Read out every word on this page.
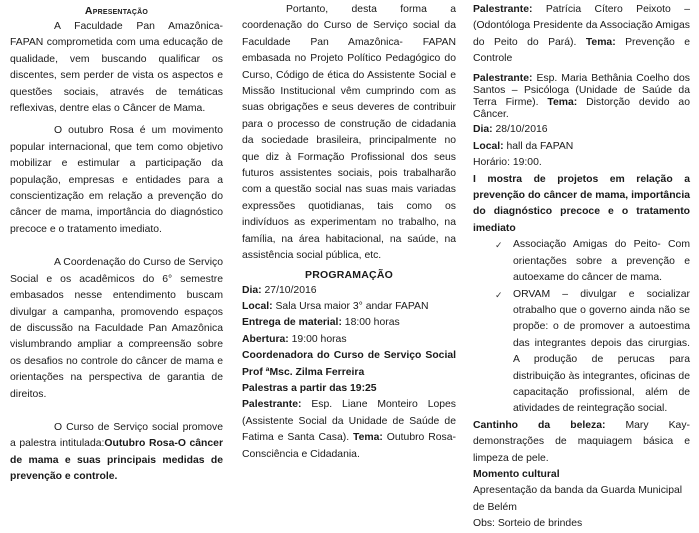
Apresentação

A Faculdade Pan Amazônica-FAPAN comprometida com uma educação de qualidade, vem buscando qualificar os discentes, sem perder de vista os aspectos e questões sociais, através de temáticas reflexivas, dentre elas o Câncer de Mama.

O outubro Rosa é um movimento popular internacional, que tem como objetivo mobilizar e estimular a participação da população, empresas e entidades para a conscientização em relação a prevenção do câncer de mama, importância do diagnóstico precoce e o tratamento imediato.

A Coordenação do Curso de Serviço Social e os acadêmicos do 6° semestre embasados nesse entendimento buscam divulgar a campanha, promovendo espaços de discussão na Faculdade Pan Amazônica vislumbrando ampliar a compreensão sobre os desafios no controle do câncer de mama e orientações na perspectiva de garantia de direitos.

O Curso de Serviço social promove a palestra intitulada:Outubro Rosa-O câncer de mama e suas principais medidas de prevenção e controle.

Portanto, desta forma a coordenação do Curso de Serviço social da Faculdade Pan Amazônica- FAPAN embasada no Projeto Político Pedagógico do Curso, Código de ética do Assistente Social e Missão Institucional vêm cumprindo com as suas obrigações e seus deveres de contribuir para o processo de construção de cidadania da sociedade brasileira, principalmente no que diz à Formação Profissional dos seus futuros assistentes sociais, pois trabalharão com a questão social nas suas mais variadas expressões quotidianas, tais como os indivíduos as experimentam no trabalho, na família, na área habitacional, na saúde, na assistência social pública, etc.

PROGRAMAÇÃO

Dia: 27/10/2016

Local: Sala Ursa maior 3° andar FAPAN

Entrega de material: 18:00 horas

Abertura: 19:00 horas

Coordenadora do Curso de Serviço Social Prof ªMsc. Zilma Ferreira

Palestras a partir das 19:25

Palestrante: Esp. Liane Monteiro Lopes (Assistente Social da Unidade de Saúde de Fatima e Santa Casa). Tema: Outubro Rosa-Consciência e Cidadania.

Palestrante: Patrícia Cítero Peixoto – (Odontóloga Presidente da Associação Amigas do Peito do Pará). Tema: Prevenção e Controle

Palestrante: Esp. Maria Bethânia Coelho dos Santos – Psicóloga (Unidade de Saúde da Terra Firme). Tema: Distorção devido ao Câncer.

Dia: 28/10/2016

Local: hall da FAPAN

Horário: 19:00.

I mostra de projetos em relação a prevenção do câncer de mama, importância do diagnóstico precoce e o tratamento imediato

✓ Associação Amigas do Peito- Com orientações sobre a prevenção e autoexame do câncer de mama.
✓ ORVAM – divulgar e socializar otrabalho que o governo ainda não se propõe: o de promover a autoestima das integrantes depois das cirurgias. A produção de perucas para distribuição às integrantes, oficinas de capacitação profissional, além de atividades de reintegração social.

Cantinho da beleza: Mary Kay- demonstrações de maquiagem básica e limpeza de pele.

Momento cultural

Apresentação da banda da Guarda Municipal de Belém

Obs: Sorteio de brindes
